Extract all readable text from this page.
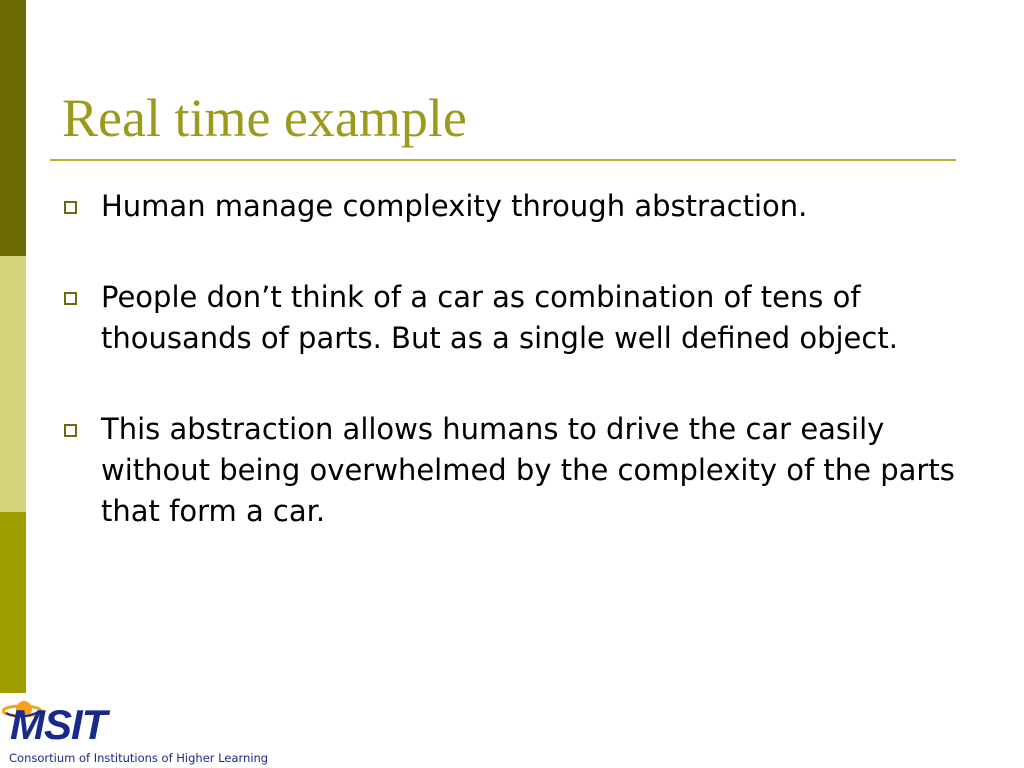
Real time example
Human manage complexity through abstraction.
People don’t think of a car as combination of tens of thousands of parts. But as a single well defined object.
This abstraction allows humans to drive the car easily without being overwhelmed by the complexity of the parts that form a car.
MSIT
Consortium of Institutions of Higher Learning
